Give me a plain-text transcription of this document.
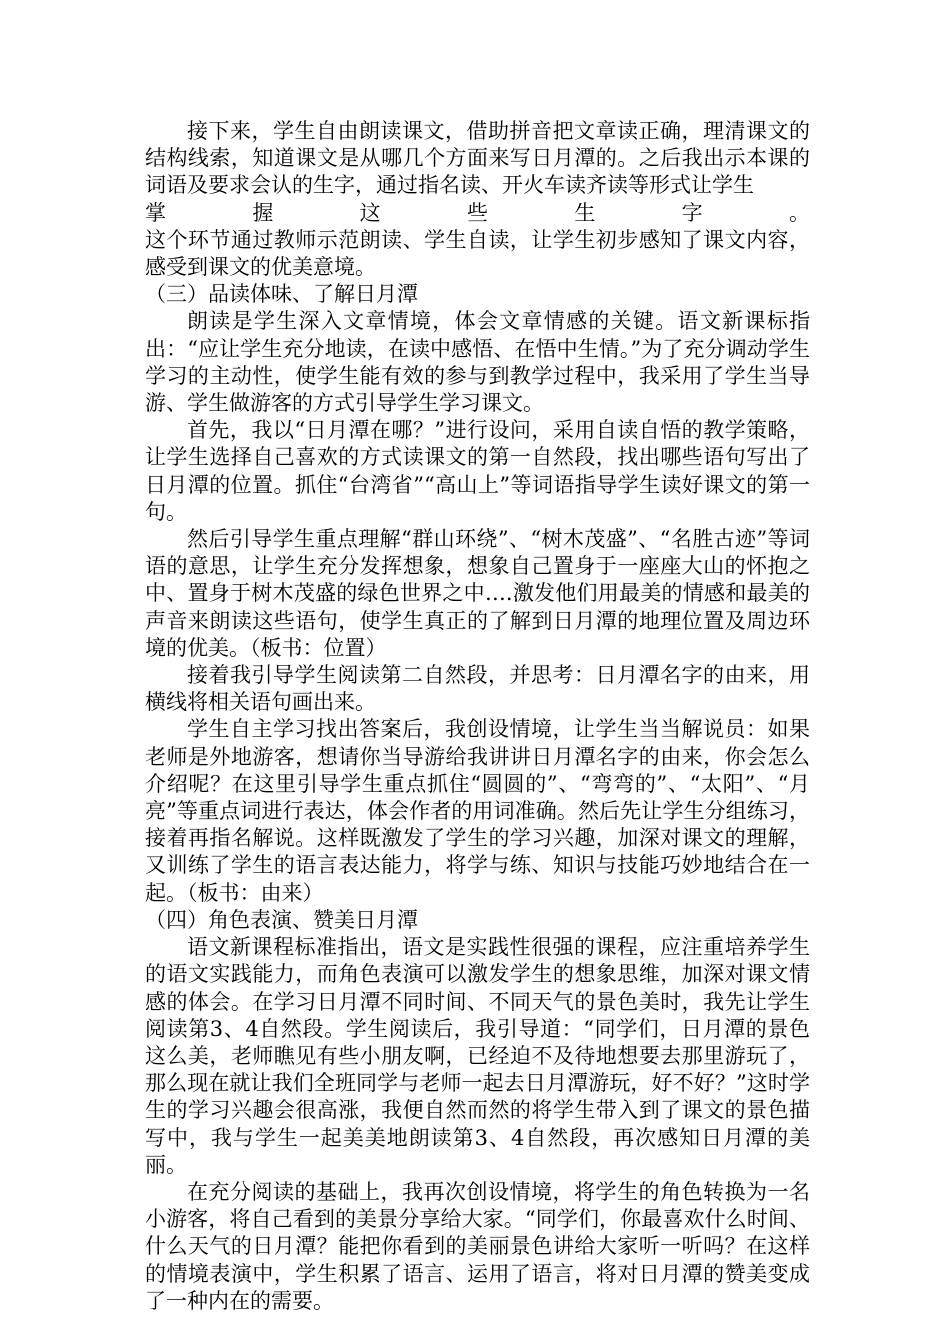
接下来，学生自由朗读课文，借助拼音把文章读正确，理清课文的结构线索，知道课文是从哪几个方面来写日月潭的。之后我出示本课的词语及要求会认的生字，通过指名读、开火车读齐读等形式让学生

掌	握	这	些	生	字	。

这个环节通过教师示范朗读、学生自读，让学生初步感知了课文内容，感受到课文的优美意境。

（三）品读体味、了解日月潭

朗读是学生深入文章情境，体会文章情感的关键。语文新课标指出：“应让学生充分地读，在读中感悟、在悟中生情。”为了充分调动学生学习的主动性，使学生能有效的参与到教学过程中，我采用了学生当导游、学生做游客的方式引导学生学习课文。

首先，我以“日月潭在哪？”进行设问，采用自读自悟的教学策略，让学生选择自己喜欢的方式读课文的第一自然段，找出哪些语句写出了日月潭的位置。抓住“台湾省”“高山上”等词语指导学生读好课文的第一句。

然后引导学生重点理解“群山环绕”、“树木茂盛”、“名胜古迹”等词语的意思，让学生充分发挥想象，想象自己置身于一座座大山的怀抱之中、置身于树木茂盛的绿色世界之中….激发他们用最美的情感和最美的声音来朗读这些语句，使学生真正的了解到日月潭的地理位置及周边环境的优美。（板书：位置）

接着我引导学生阅读第二自然段，并思考：日月潭名字的由来，用横线将相关语句画出来。

学生自主学习找出答案后，我创设情境，让学生当当解说员：如果老师是外地游客，想请你当导游给我讲讲日月潭名字的由来，你会怎么介绍呢？在这里引导学生重点抓住“圆圆的”、“弯弯的”、“太阳”、“月亮”等重点词进行表达，体会作者的用词准确。然后先让学生分组练习，接着再指名解说。这样既激发了学生的学习兴趣，加深对课文的理解，又训练了学生的语言表达能力，将学与练、知识与技能巧妙地结合在一起。（板书：由来）

（四）角色表演、赞美日月潭

语文新课程标准指出，语文是实践性很强的课程，应注重培养学生的语文实践能力，而角色表演可以激发学生的想象思维，加深对课文情感的体会。在学习日月潭不同时间、不同天气的景色美时，我先让学生阅读第3、4自然段。学生阅读后，我引导道：“同学们，日月潭的景色这么美，老师瞧见有些小朋友啊，已经迫不及待地想要去那里游玩了，那么现在就让我们全班同学与老师一起去日月潭游玩，好不好？”这时学生的学习兴趣会很高涨，我便自然而然的将学生带入到了课文的景色描写中，我与学生一起美美地朗读第3、4自然段，再次感知日月潭的美丽。

在充分阅读的基础上，我再次创设情境，将学生的角色转换为一名小游客，将自己看到的美景分享给大家。“同学们，你最喜欢什么时间、什么天气的日月潭？能把你看到的美丽景色讲给大家听一听吗？在这样的情境表演中，学生积累了语言、运用了语言，将对日月潭的赞美变成了一种内在的需要。
